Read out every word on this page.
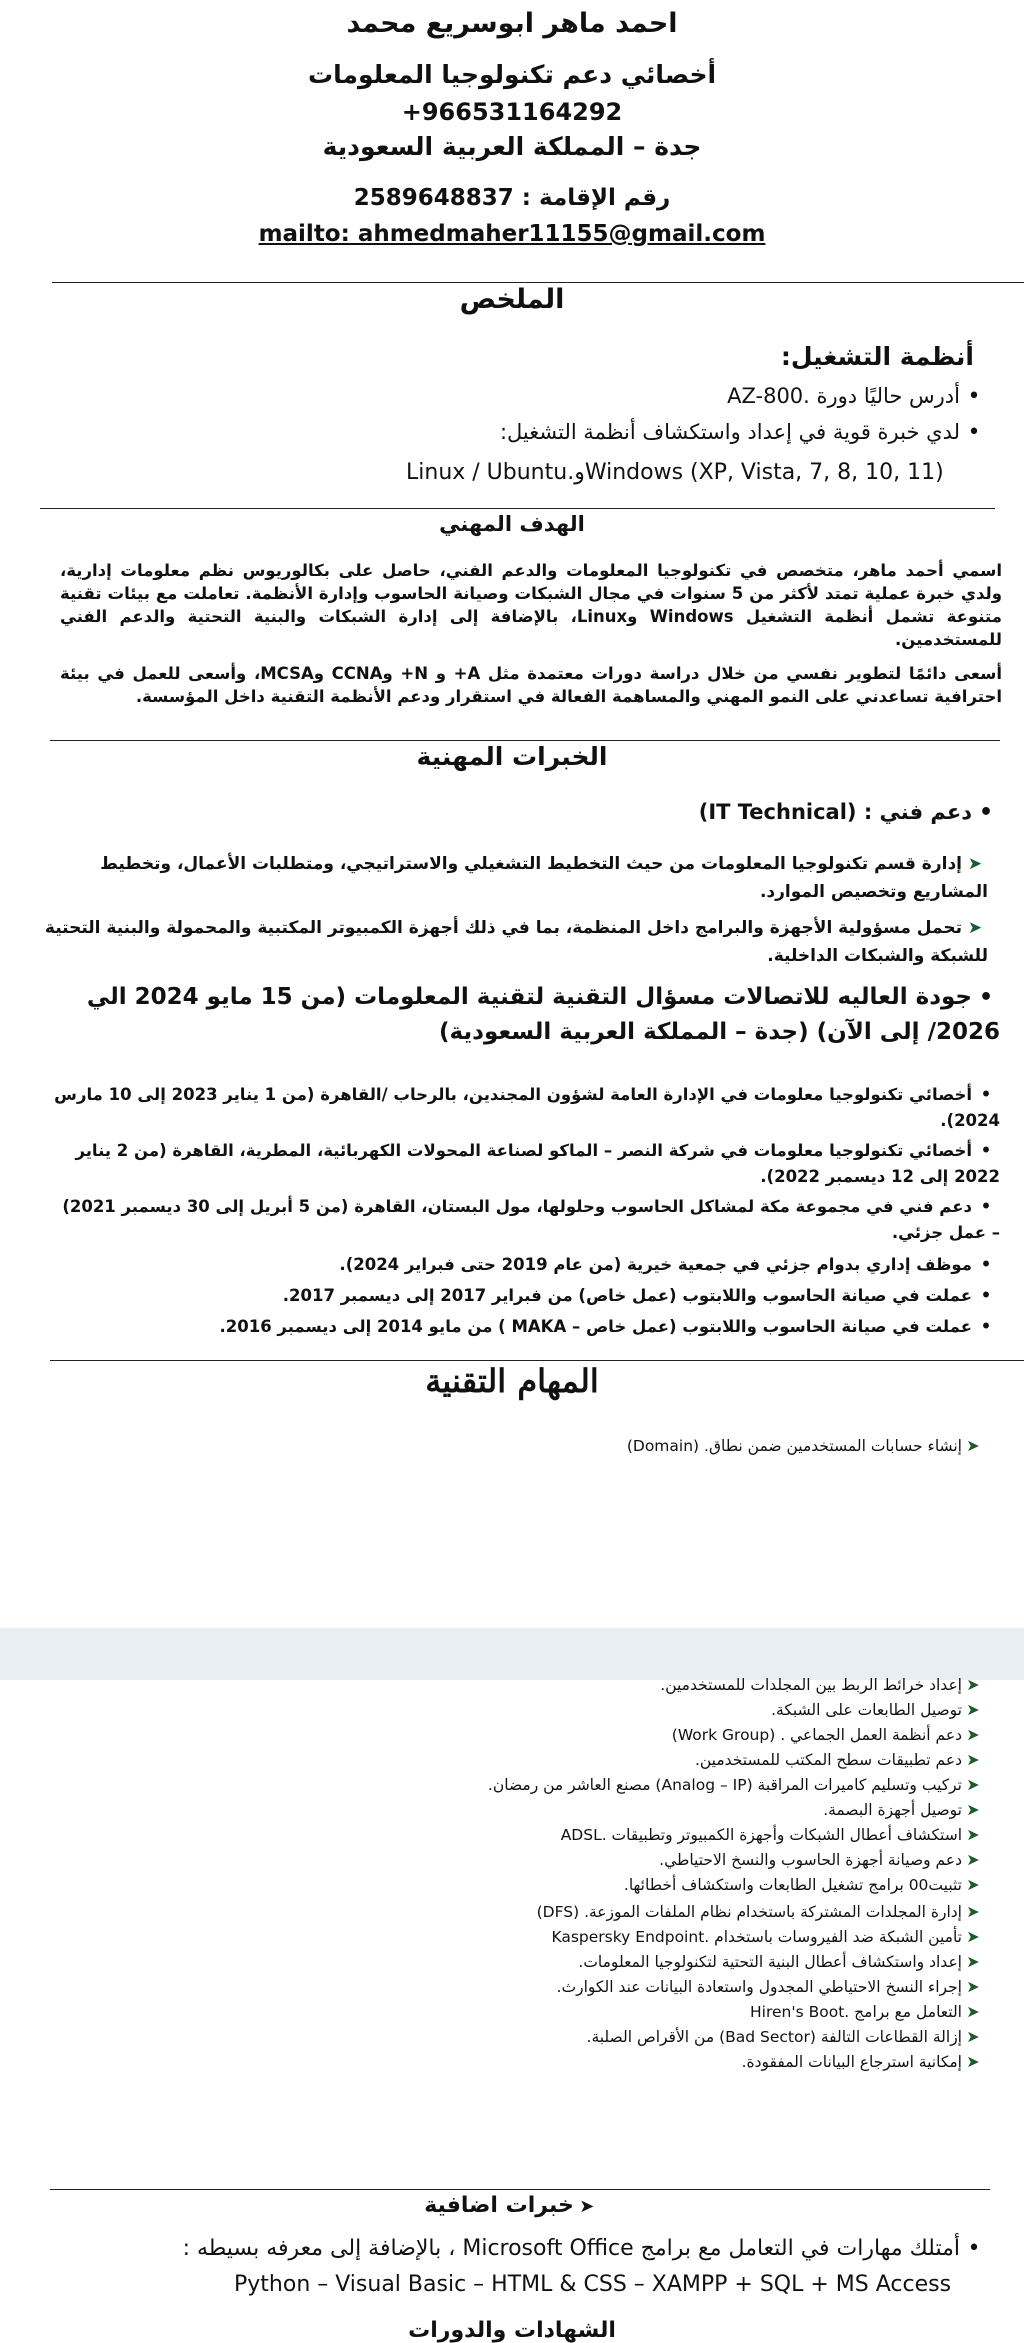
احمد ماهر ابوسريع محمد
أخصائي دعم تكنولوجيا المعلومات
+966531164292
جدة – المملكة العربية السعودية
رقم الإقامة : 2589648837
mailto: ahmedmaher11155@gmail.com
الملخص
أنظمة التشغيل:
•أدرس حاليًا دورة .AZ-800
•لدي خبرة قوية في إعداد واستكشاف أنظمة التشغيل:
Linux / Ubuntu.وWindows (XP, Vista, 7, 8, 10, 11)
الهدف المهني
اسمي أحمد ماهر، متخصص في تكنولوجيا المعلومات والدعم الفني، حاصل على بكالوريوس نظم معلومات إدارية، ولدي خبرة عملية تمتد لأكثر من 5 سنوات في مجال الشبكات وصيانة الحاسوب وإدارة الأنظمة. تعاملت مع بيئات تقنية متنوعة تشمل أنظمة التشغيل Windows وLinux، بالإضافة إلى إدارة الشبكات والبنية التحتية والدعم الفني للمستخدمين.
أسعى دائمًا لتطوير نفسي من خلال دراسة دورات معتمدة مثل A+ و N+ وCCNA وMCSA، وأسعى للعمل في بيئة احترافية تساعدني على النمو المهني والمساهمة الفعالة في استقرار ودعم الأنظمة التقنية داخل المؤسسة.
الخبرات المهنية
•دعم فني : (IT Technical)
➤إدارة قسم تكنولوجيا المعلومات من حيث التخطيط التشغيلي والاستراتيجي، ومتطلبات الأعمال، وتخطيط المشاريع وتخصيص الموارد.
➤تحمل مسؤولية الأجهزة والبرامج داخل المنظمة، بما في ذلك أجهزة الكمبيوتر المكتبية والمحمولة والبنية التحتية للشبكة والشبكات الداخلية.
•جودة العاليه للاتصالات مسؤال التقنية لتقنية المعلومات (من 15 مايو 2024 الي 2026/ إلى الآن) (جدة – المملكة العربية السعودية)
•أخصائي تكنولوجيا معلومات في الإدارة العامة لشؤون المجندين، بالرحاب /القاهرة (من 1 يناير 2023 إلى 10 مارس 2024).
•أخصائي تكنولوجيا معلومات في شركة النصر – الماكو لصناعة المحولات الكهربائية، المطرية، القاهرة (من 2 يناير 2022 إلى 12 ديسمبر 2022).
•دعم فني في مجموعة مكة لمشاكل الحاسوب وحلولها، مول البستان، القاهرة (من 5 أبريل إلى 30 ديسمبر 2021) – عمل جزئي.
•موظف إداري بدوام جزئي في جمعية خيرية (من عام 2019 حتى فبراير 2024).
•عملت في صيانة الحاسوب واللابتوب (عمل خاص) من فبراير 2017 إلى ديسمبر 2017.
•عملت في صيانة الحاسوب واللابتوب (عمل خاص – MAKA ) من مايو 2014 إلى ديسمبر 2016.
المهام التقنية
➤إنشاء حسابات المستخدمين ضمن نطاق. (Domain)
➤إعداد خرائط الربط بين المجلدات للمستخدمين.
➤توصيل الطابعات على الشبكة.
➤دعم أنظمة العمل الجماعي . (Work Group)
➤دعم تطبيقات سطح المكتب للمستخدمين.
➤تركيب وتسليم كاميرات المراقبة (Analog – IP) مصنع العاشر من رمضان.
➤توصيل أجهزة البصمة.
➤استكشاف أعطال الشبكات وأجهزة الكمبيوتر وتطبيقات .ADSL
➤دعم وصيانة أجهزة الحاسوب والنسخ الاحتياطي.
➤تثبيت00 برامج تشغيل الطابعات واستكشاف أخطائها.
➤إدارة المجلدات المشتركة باستخدام نظام الملفات الموزعة. (DFS)
➤تأمين الشبكة ضد الفيروسات باستخدام .Kaspersky Endpoint
➤إعداد واستكشاف أعطال البنية التحتية لتكنولوجيا المعلومات.
➤إجراء النسخ الاحتياطي المجدول واستعادة البيانات عند الكوارث.
➤التعامل مع برامج .Hiren's Boot
➤إزالة القطاعات التالفة (Bad Sector) من الأقراص الصلبة.
➤إمكانية استرجاع البيانات المفقودة.
➤خبرات اضافية
•أمتلك مهارات في التعامل مع برامج Microsoft Office ، بالإضافة إلى معرفه بسيطه :
Python – Visual Basic – HTML & CSS – XAMPP + SQL + MS Access
الشهادات والدورات
